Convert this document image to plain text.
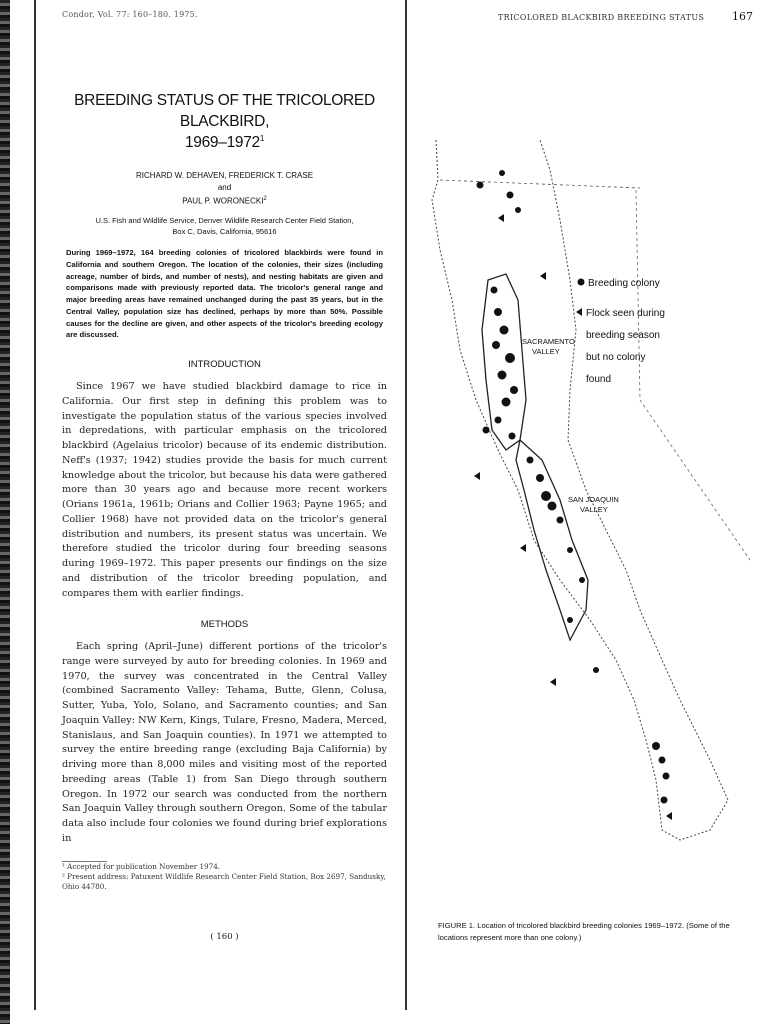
Condor, Vol. 77: 160–180. 1975.
BREEDING STATUS OF THE TRICOLORED BLACKBIRD,
1969–1972$^1$
RICHARD W. DEHAVEN, FREDERICK T. CRASE
and
PAUL P. WORONECKI$^2$
U.S. Fish and Wildlife Service, Denver Wildlife Research Center Field Station,
Box C, Davis, California, 95616

During 1969–1972, 164 breeding colonies of tricolored blackbirds were found in California and southern Oregon. The location of the colonies, their sizes (including acreage, number of birds, and number of nests), and nesting habitats are given and comparisons made with previously reported data. The tricolor's general range and major breeding areas have remained unchanged during the past 35 years, but in the Central Valley, population size has declined, perhaps by more than 50%. Possible causes for the decline are given, and other aspects of the tricolor's breeding ecology are discussed.

INTRODUCTION

Since 1967 we have studied blackbird damage to rice in California. Our first step in defining this problem was to investigate the population status of the various species involved in depredations, with particular emphasis on the tricolored blackbird (Agelaius tricolor) because of its endemic distribution. Neff's (1937; 1942) studies provide the basis for much current knowledge about the tricolor, but because his data were gathered more than 30 years ago and because more recent workers (Orians 1961a, 1961b; Orians and Collier 1963; Payne 1965; and Collier 1968) have not provided data on the tricolor's general distribution and numbers, its present status was uncertain. We therefore studied the tricolor during four breeding seasons during 1969–1972. This paper presents our findings on the size and distribution of the tricolor breeding population, and compares them with earlier findings.

METHODS

Each spring (April–June) different portions of the tricolor's range were surveyed by auto for breeding colonies. In 1969 and 1970, the survey was concentrated in the Central Valley (combined Sacramento Valley: Tehama, Butte, Glenn, Colusa, Sutter, Yuba, Yolo, Solano, and Sacramento counties; and San Joaquin Valley: NW Kern, Kings, Tulare, Fresno, Madera, Merced, Stanislaus, and San Joaquin counties). In 1971 we attempted to survey the entire breeding range (excluding Baja California) by driving more than 8,000 miles and visiting most of the reported breeding areas (Table 1) from San Diego through southern Oregon. In 1972 our search was conducted from the northern San Joaquin Valley through southern Oregon. Some of the tabular data also include four colonies we found during brief explorations in

¹ Accepted for publication November 1974.
² Present address: Patuxent Wildlife Research Center Field Station, Box 2697, Sandusky, Ohio 44780.
( 160 )
TRICOLORED BLACKBIRD BREEDING STATUS	167
Breeding colony
Flock seen during
breeding season
but no colony
found
SACRAMENTO
VALLEY
SAN JOAQUIN
VALLEY
FIGURE 1. Location of tricolored blackbird breeding colonies 1969–1972. (Some of the locations represent more than one colony.)
